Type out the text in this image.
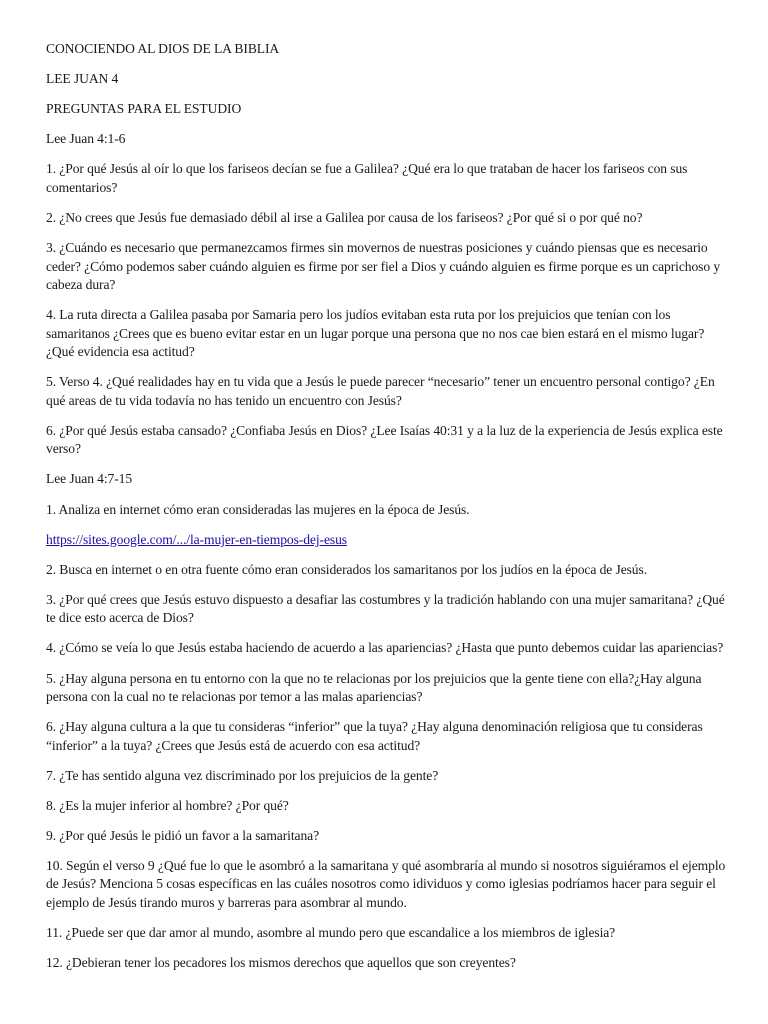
CONOCIENDO AL DIOS DE LA BIBLIA

LEE JUAN 4

PREGUNTAS PARA EL ESTUDIO

Lee Juan 4:1-6

1. ¿Por qué Jesús al oír lo que los fariseos decían se fue a Galilea? ¿Qué era lo que trataban de hacer los fariseos con sus comentarios?

2. ¿No crees que Jesús fue demasiado débil al irse a Galilea por causa de los fariseos? ¿Por qué si o por qué no?

3. ¿Cuándo es necesario que permanezcamos firmes sin movernos de nuestras posiciones y cuándo piensas que es necesario ceder? ¿Cómo podemos saber cuándo alguien es firme por ser fiel a Dios y cuándo alguien es firme porque es un caprichoso y cabeza dura?

4. La ruta directa a Galilea pasaba por Samaria pero los judíos evitaban esta ruta por los prejuicios que tenían con los samaritanos ¿Crees que es bueno evitar estar en un lugar porque una persona que no nos cae bien estará en el mismo lugar? ¿Qué evidencia esa actitud?

5. Verso 4. ¿Qué realidades hay en tu vida que a Jesús le puede parecer “necesario” tener un encuentro personal contigo? ¿En qué areas de tu vida todavía no has tenido un encuentro con Jesús?

6. ¿Por qué Jesús estaba cansado? ¿Confiaba Jesús en Dios? ¿Lee Isaías 40:31 y a la luz de la experiencia de Jesús explica este verso?

Lee Juan 4:7-15

1. Analiza en internet cómo eran consideradas las mujeres en la época de Jesús.

https://sites.google.com/.../la-mujer-en-tiempos-dej-esus

2. Busca en internet o en otra fuente cómo eran considerados los samaritanos por los judíos en la época de Jesús.

3. ¿Por qué crees que Jesús estuvo dispuesto a desafiar las costumbres y la tradición hablando con una mujer samaritana? ¿Qué te dice esto acerca de Dios?

4. ¿Cómo se veía lo que Jesús estaba haciendo de acuerdo a las apariencias? ¿Hasta que punto debemos cuidar las apariencias?

5. ¿Hay alguna persona en tu entorno con la que no te relacionas por los prejuicios que la gente tiene con ella?¿Hay alguna persona con la cual no te relacionas por temor a las malas apariencias?

6. ¿Hay alguna cultura a la que tu consideras “inferior” que la tuya? ¿Hay alguna denominación religiosa que tu consideras “inferior” a la tuya? ¿Crees que Jesús está de acuerdo con esa actitud?

7. ¿Te has sentido alguna vez discriminado por los prejuicios de la gente?

8. ¿Es la mujer inferior al hombre? ¿Por qué?

9. ¿Por qué Jesús le pidió un favor a la samaritana?

10. Según el verso 9 ¿Qué fue lo que le asombró a la samaritana y qué asombraría al mundo si nosotros siguiéramos el ejemplo de Jesús? Menciona 5 cosas específicas en las cuáles nosotros como idividuos y como iglesias podríamos hacer para seguir el ejemplo de Jesús tirando muros y barreras para asombrar al mundo.

11. ¿Puede ser que dar amor al mundo, asombre al mundo pero que escandalice a los miembros de iglesia?

12. ¿Debieran tener los pecadores los mismos derechos que aquellos que son creyentes?
